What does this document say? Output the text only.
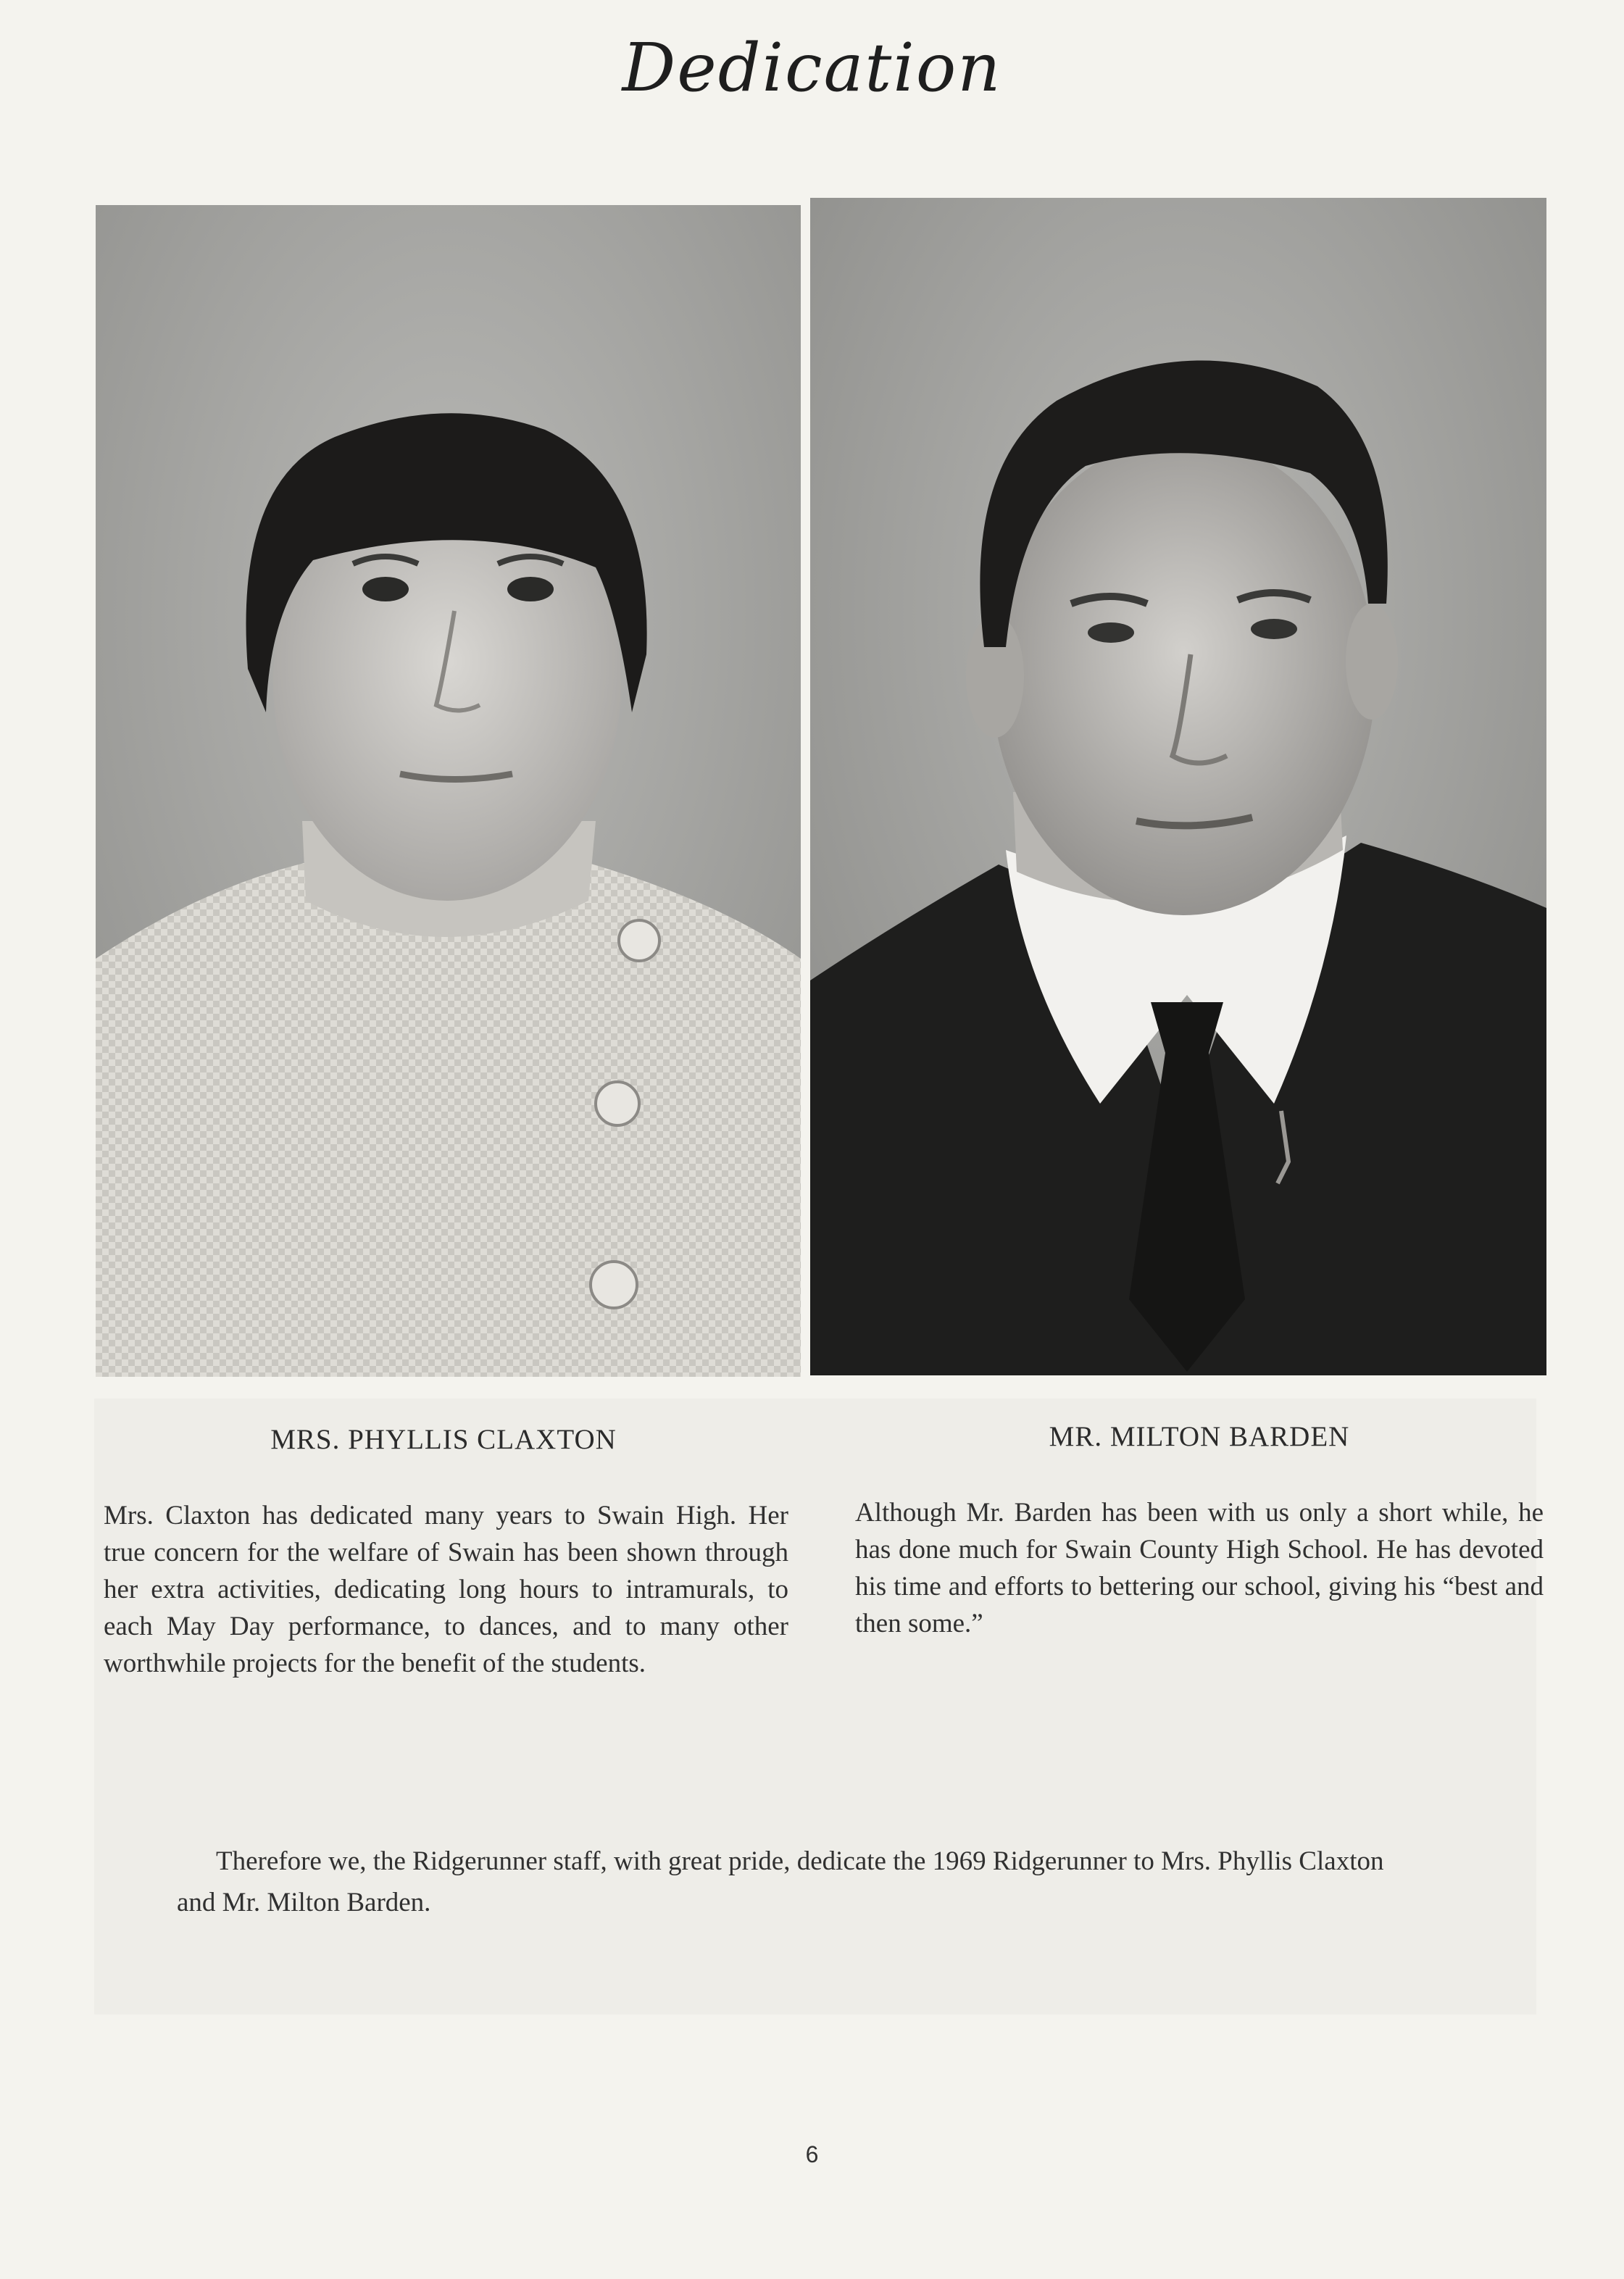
Dedication
MRS. PHYLLIS CLAXTON	MR. MILTON BARDEN
Mrs. Claxton has dedicated many years to Swain High. Her true concern for the welfare of Swain has been shown through her extra activities, dedicating long hours to intramurals, to each May Day performance, to dances, and to many other worthwhile projects for the benefit of the students.
Although Mr. Barden has been with us only a short while, he has done much for Swain County High School. He has devoted his time and efforts to bettering our school, giving his “best and then some.”
Therefore we, the Ridgerunner staff, with great pride, dedicate the 1969 Ridgerunner to Mrs. Phyllis Claxton and Mr. Milton Barden.
6
